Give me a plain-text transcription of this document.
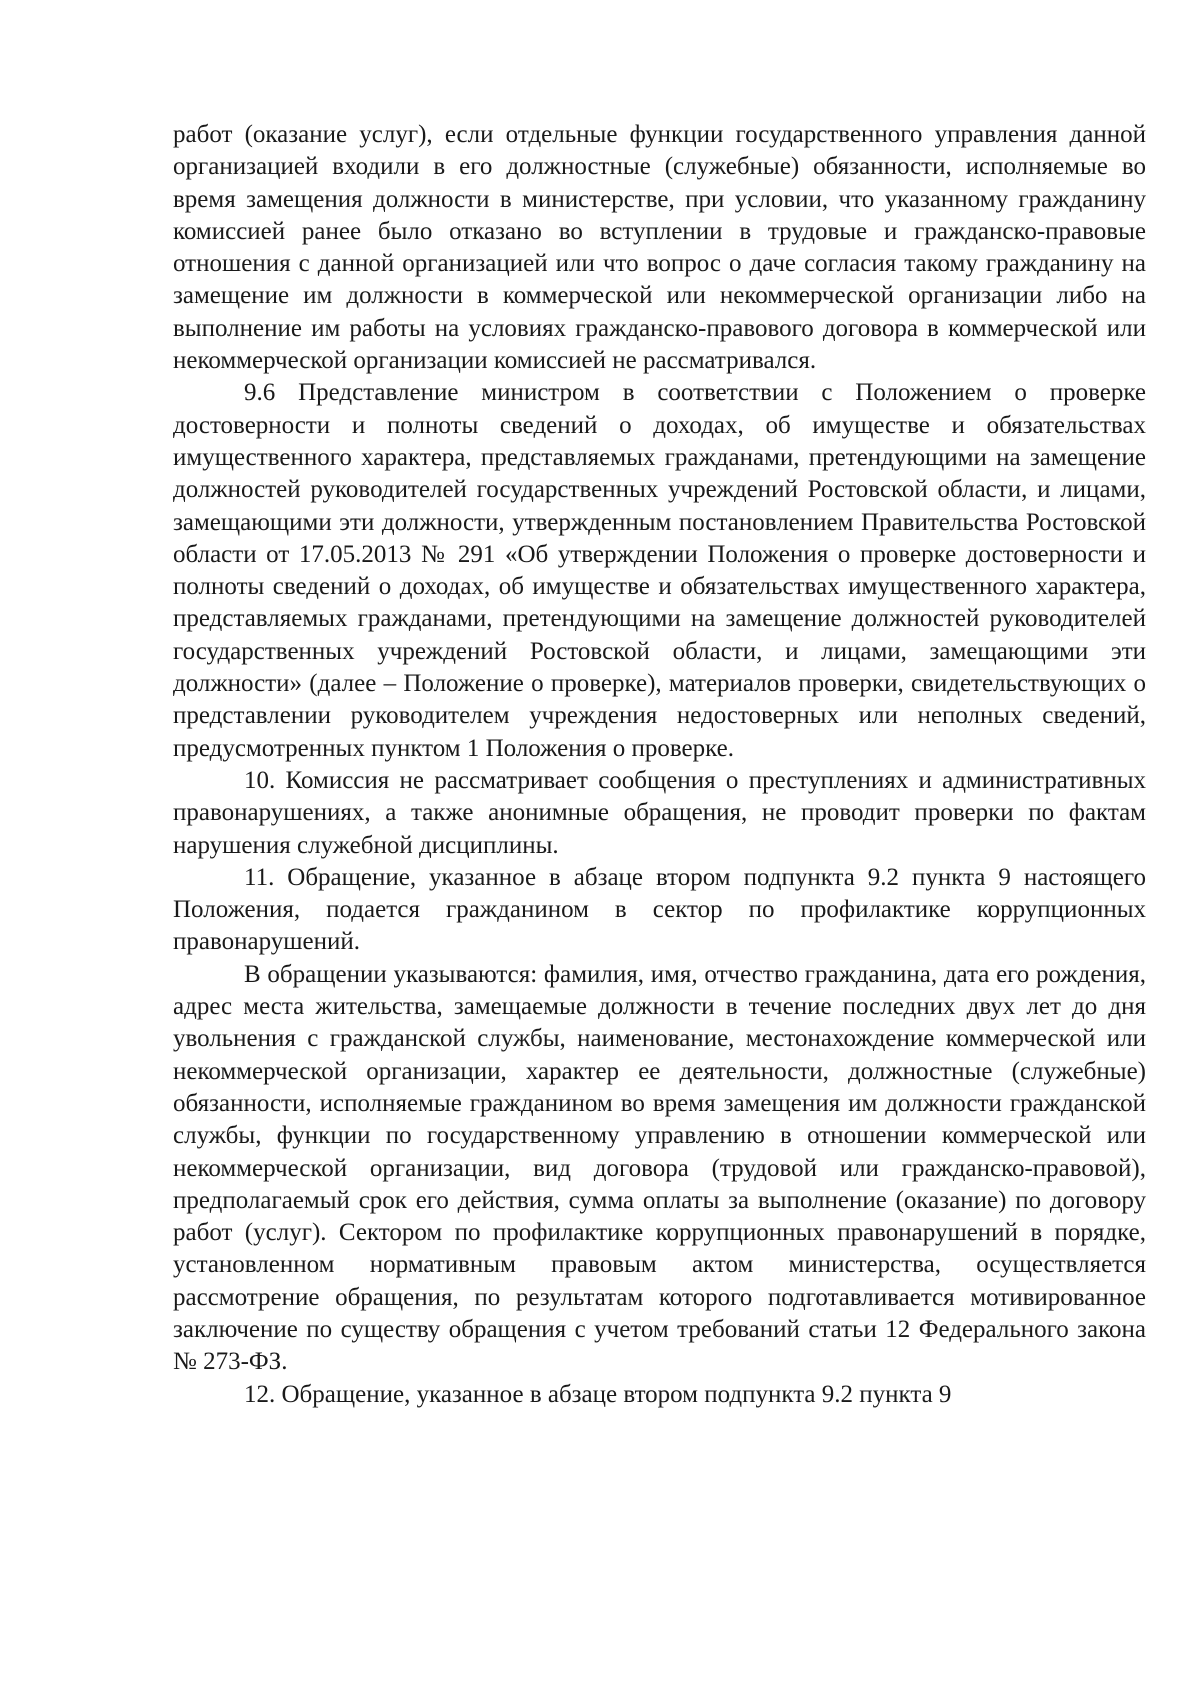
работ (оказание услуг), если отдельные функции государственного управления данной организацией входили в его должностные (служебные) обязанности, исполняемые во время замещения должности в министерстве, при условии, что указанному гражданину комиссией ранее было отказано во вступлении в трудовые и гражданско-правовые отношения с данной организацией или что вопрос о даче согласия такому гражданину на замещение им должности в коммерческой или некоммерческой организации либо на выполнение им работы на условиях гражданско-правового договора в коммерческой или некоммерческой организации комиссией не рассматривался.

9.6 Представление министром в соответствии с Положением о проверке достоверности и полноты сведений о доходах, об имуществе и обязательствах имущественного характера, представляемых гражданами, претендующими на замещение должностей руководителей государственных учреждений Ростовской области, и лицами, замещающими эти должности, утвержденным постановлением Правительства Ростовской области от 17.05.2013 № 291 «Об утверждении Положения о проверке достоверности и полноты сведений о доходах, об имуществе и обязательствах имущественного характера, представляемых гражданами, претендующими на замещение должностей руководителей государственных учреждений Ростовской области, и лицами, замещающими эти должности» (далее – Положение о проверке), материалов проверки, свидетельствующих о представлении руководителем учреждения недостоверных или неполных сведений, предусмотренных пунктом 1 Положения о проверке.

10. Комиссия не рассматривает сообщения о преступлениях и административных правонарушениях, а также анонимные обращения, не проводит проверки по фактам нарушения служебной дисциплины.

11. Обращение, указанное в абзаце втором подпункта 9.2 пункта 9 настоящего Положения, подается гражданином в сектор по профилактике коррупционных правонарушений.

В обращении указываются: фамилия, имя, отчество гражданина, дата его рождения, адрес места жительства, замещаемые должности в течение последних двух лет до дня увольнения с гражданской службы, наименование, местонахождение коммерческой или некоммерческой организации, характер ее деятельности, должностные (служебные) обязанности, исполняемые гражданином во время замещения им должности гражданской службы, функции по государственному управлению в отношении коммерческой или некоммерческой организации, вид договора (трудовой или гражданско-правовой), предполагаемый срок его действия, сумма оплаты за выполнение (оказание) по договору работ (услуг). Сектором по профилактике коррупционных правонарушений в порядке, установленном нормативным правовым актом министерства, осуществляется рассмотрение обращения, по результатам которого подготавливается мотивированное заключение по существу обращения с учетом требований статьи 12 Федерального закона № 273-ФЗ.

12. Обращение, указанное в абзаце втором подпункта 9.2 пункта 9
